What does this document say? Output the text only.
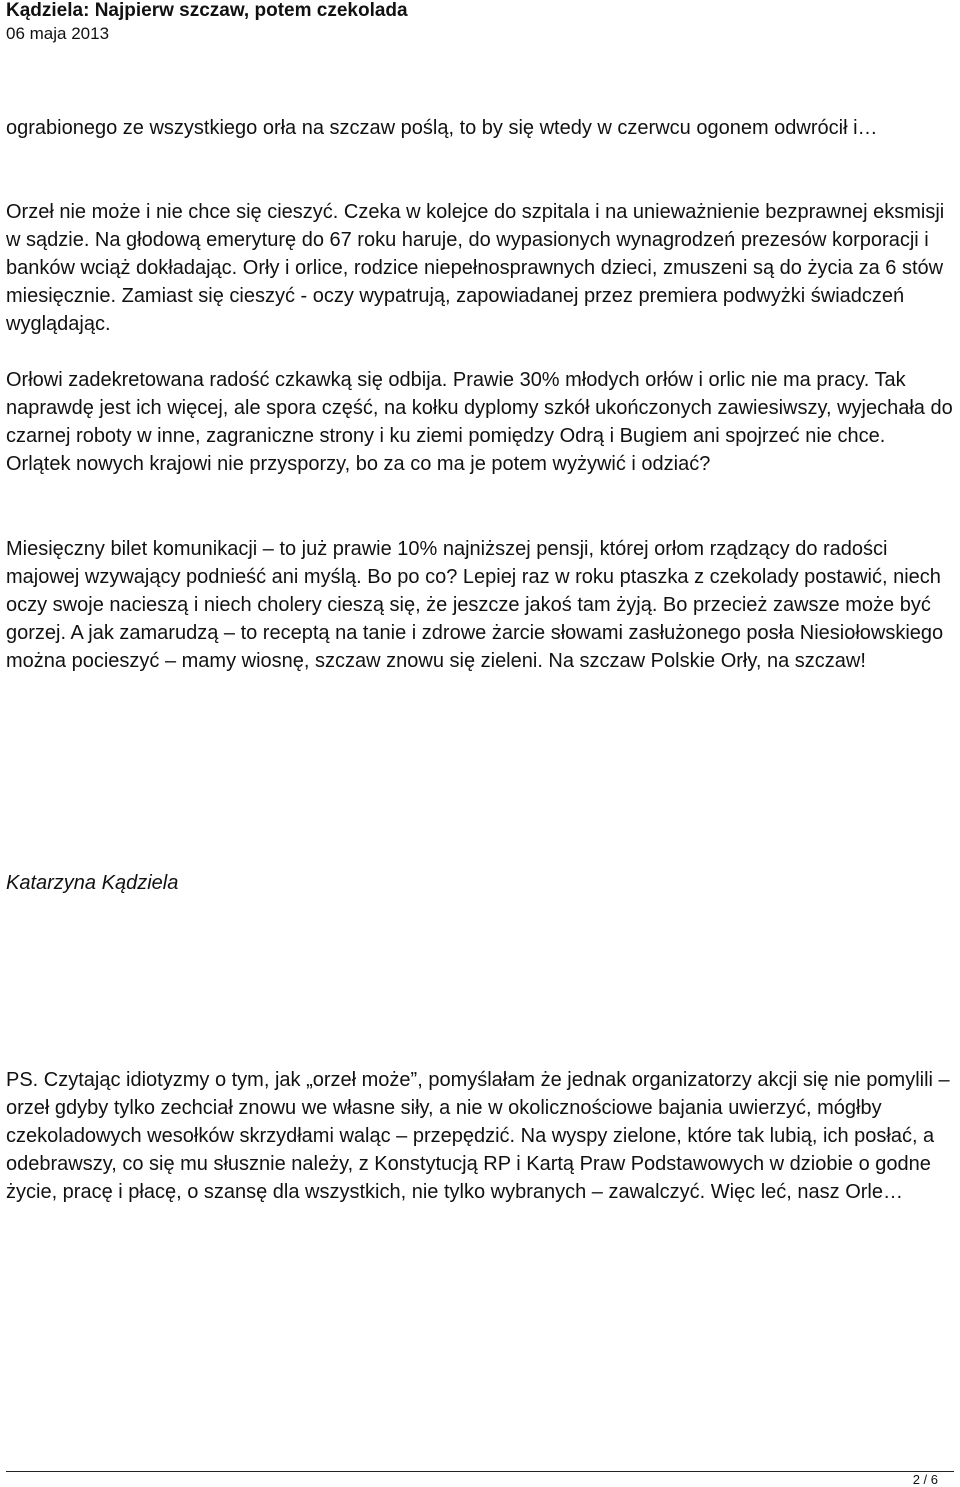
Kądziela: Najpierw szczaw, potem czekolada
06 maja 2013

ograbionego ze wszystkiego orła na szczaw poślą, to by się wtedy w czerwcu ogonem odwrócił i…

Orzeł nie może i nie chce się cieszyć. Czeka w kolejce do szpitala i na unieważnienie bezprawnej eksmisji w sądzie. Na głodową emeryturę do 67 roku haruje, do wypasionych wynagrodzeń prezesów korporacji i banków wciąż dokładając. Orły i orlice, rodzice niepełnosprawnych dzieci, zmuszeni są do życia za 6 stów miesięcznie. Zamiast się cieszyć - oczy wypatrują, zapowiadanej przez premiera podwyżki świadczeń wyglądając.

Orłowi zadekretowana radość czkawką się odbija. Prawie 30% młodych orłów i orlic nie ma pracy. Tak naprawdę jest ich więcej, ale spora część, na kołku dyplomy szkół ukończonych zawiesiwszy, wyjechała do czarnej roboty w inne, zagraniczne strony i ku ziemi pomiędzy Odrą i Bugiem ani spojrzeć nie chce. Orlątek nowych krajowi nie przysporzy, bo za co ma je potem wyżywić i odziać?

Miesięczny bilet komunikacji – to już prawie 10% najniższej pensji, której orłom rządzący do radości majowej wzywający podnieść ani myślą. Bo po co? Lepiej raz w roku ptaszka z czekolady postawić, niech oczy swoje nacieszą i niech cholery cieszą się, że jeszcze jakoś tam żyją. Bo przecież zawsze może być gorzej. A jak zamarudzą – to receptą na tanie i zdrowe żarcie słowami zasłużonego posła Niesiołowskiego można pocieszyć – mamy wiosnę, szczaw znowu się zieleni. Na szczaw Polskie Orły, na szczaw!

Katarzyna Kądziela

PS. Czytając idiotyzmy o tym, jak „orzeł może”, pomyślałam że jednak organizatorzy akcji się nie pomylili – orzeł gdyby tylko zechciał znowu we własne siły, a nie w okolicznościowe bajania uwierzyć, mógłby czekoladowych wesołków skrzydłami waląc – przepędzić. Na wyspy zielone, które tak lubią, ich posłać, a odebrawszy, co się mu słusznie należy, z Konstytucją RP i Kartą Praw Podstawowych w dziobie o godne życie, pracę i płacę, o szansę dla wszystkich, nie tylko wybranych – zawalczyć. Więc leć, nasz Orle…

2 / 6
